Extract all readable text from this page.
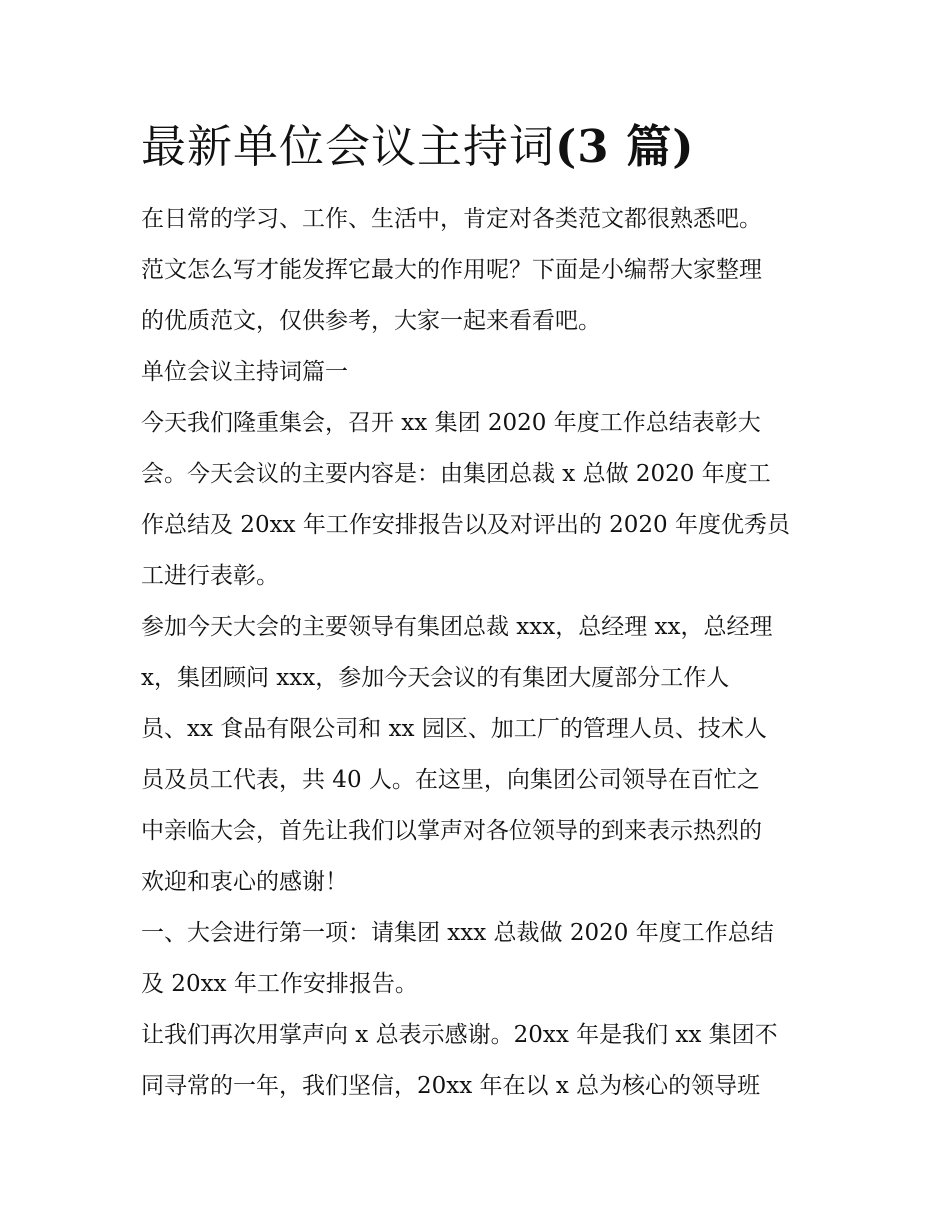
最新单位会议主持词(3 篇)

在日常的学习、工作、生活中，肯定对各类范文都很熟悉吧。

范文怎么写才能发挥它最大的作用呢？下面是小编帮大家整理

的优质范文，仅供参考，大家一起来看看吧。

单位会议主持词篇一

今天我们隆重集会，召开 xx 集团 2020 年度工作总结表彰大

会。今天会议的主要内容是：由集团总裁 x 总做 2020 年度工

作总结及 20xx 年工作安排报告以及对评出的 2020 年度优秀员

工进行表彰。

参加今天大会的主要领导有集团总裁 xxx，总经理 xx，总经理

x，集团顾问 xxx，参加今天会议的有集团大厦部分工作人

员、xx 食品有限公司和 xx 园区、加工厂的管理人员、技术人

员及员工代表，共 40 人。在这里，向集团公司领导在百忙之

中亲临大会，首先让我们以掌声对各位领导的到来表示热烈的

欢迎和衷心的感谢！

一、大会进行第一项：请集团 xxx 总裁做 2020 年度工作总结

及 20xx 年工作安排报告。

让我们再次用掌声向 x 总表示感谢。20xx 年是我们 xx 集团不

同寻常的一年，我们坚信，20xx 年在以 x 总为核心的领导班
